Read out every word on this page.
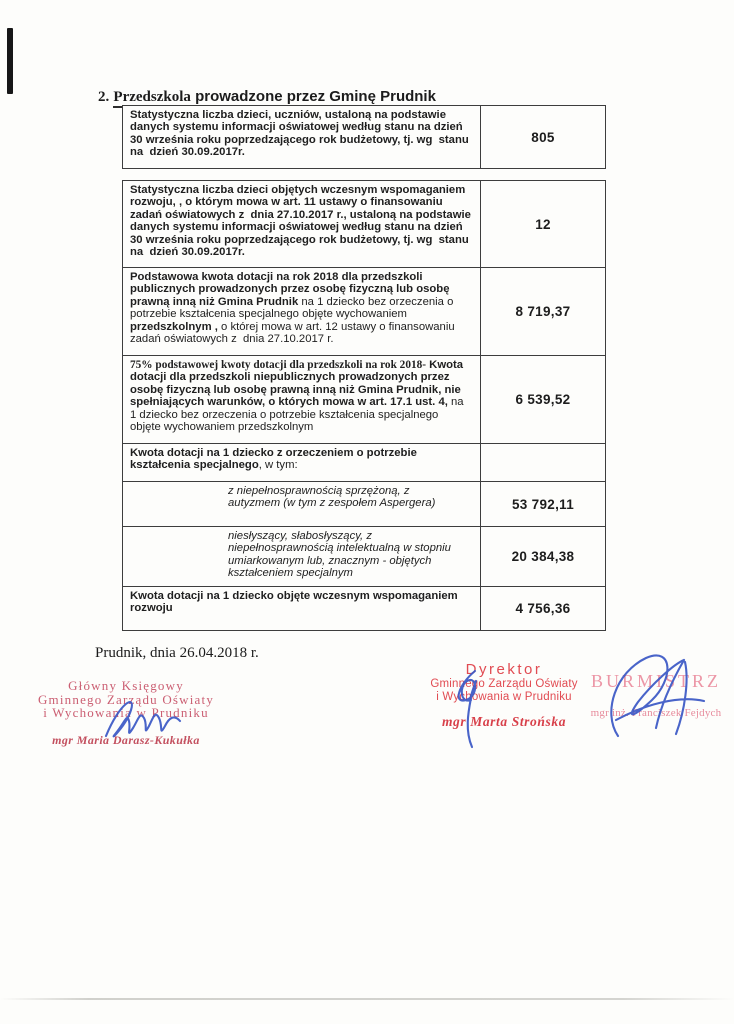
2. Przedszkola prowadzone przez Gminę Prudnik
Statystyczna liczba dzieci, uczniów, ustaloną na podstawie danych systemu informacji oświatowej według stanu na dzień 30 września roku poprzedzającego rok budżetowy, tj. wg  stanu na  dzień 30.09.2017r.
805
Statystyczna liczba dzieci objętych wczesnym wspomaganiem rozwoju, , o którym mowa w art. 11 ustawy o finansowaniu zadań oświatowych z  dnia 27.10.2017 r., ustaloną na podstawie danych systemu informacji oświatowej według stanu na dzień 30 września roku poprzedzającego rok budżetowy, tj. wg  stanu na  dzień 30.09.2017r.
12
Podstawowa kwota dotacji na rok 2018 dla przedszkoli publicznych prowadzonych przez osobę fizyczną lub osobę prawną inną niż Gmina Prudnik na 1 dziecko bez orzeczenia o potrzebie kształcenia specjalnego objęte wychowaniem przedszkolnym , o której mowa w art. 12 ustawy o finansowaniu zadań oświatowych z  dnia 27.10.2017 r.
8 719,37
75% podstawowej kwoty dotacji dla przedszkoli na rok 2018- Kwota dotacji dla przedszkoli niepublicznych prowadzonych przez osobę fizyczną lub osobę prawną inną niż Gmina Prudnik, nie spełniających warunków, o których mowa w art. 17.1 ust. 4, na 1 dziecko bez orzeczenia o potrzebie kształcenia specjalnego objęte wychowaniem przedszkolnym
6 539,52
Kwota dotacji na 1 dziecko z orzeczeniem o potrzebie kształcenia specjalnego, w tym:
z niepełnosprawnością sprzężoną, z autyzmem (w tym z zespołem Aspergera)	53 792,11
niesłyszący, słabosłyszący, z niepełnosprawnością intelektualną w stopniu umiarkowanym lub, znacznym - objętych kształceniem specjalnym
20 384,38
Kwota dotacji na 1 dziecko objęte wczesnym wspomaganiem rozwoju	4 756,36
Prudnik, dnia 26.04.2018 r.

Główny Księgowy

Gminnego Zarządu Oświaty

i Wychowania w Prudniku

mgr Maria Darasz-Kukułka

Dyrektor

Gminnego Zarządu Oświaty

i Wychowania w Prudniku

mgr Marta Strońska

BURMISTRZ

mgr inż. Franciszek Fejdych
